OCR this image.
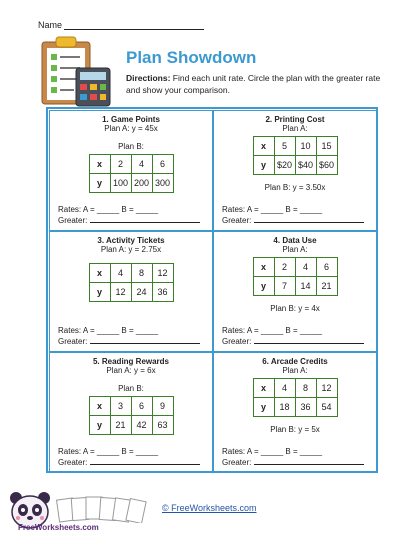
Name
Plan Showdown
Directions: Find each unit rate. Circle the plan with the greater rate and show your comparison.
1. Game Points
Plan A: y = 45x
Plan B:
x	2	4	6
y	100	200	300
Rates: A = _____ B = _____
Greater:
2. Printing Cost
Plan A:
x	5	10	15
y	$20	$40	$60
Plan B: y = 3.50x
Rates: A = _____ B = _____
Greater:
3. Activity Tickets
Plan A: y = 2.75x
x	4	8	12
y	12	24	36
Rates: A = _____ B = _____
Greater:
4. Data Use
Plan A:
x	2	4	6
y	7	14	21
Plan B: y = 4x
Rates: A = _____ B = _____
Greater:
5. Reading Rewards
Plan A: y = 6x
Plan B:
x	3	6	9
y	21	42	63
Rates: A = _____ B = _____
Greater:
6. Arcade Credits
Plan A:
x	4	8	12
y	18	36	54
Plan B: y = 5x
Rates: A = _____ B = _____
Greater:
FreeWorksheets.com
© FreeWorksheets.com
